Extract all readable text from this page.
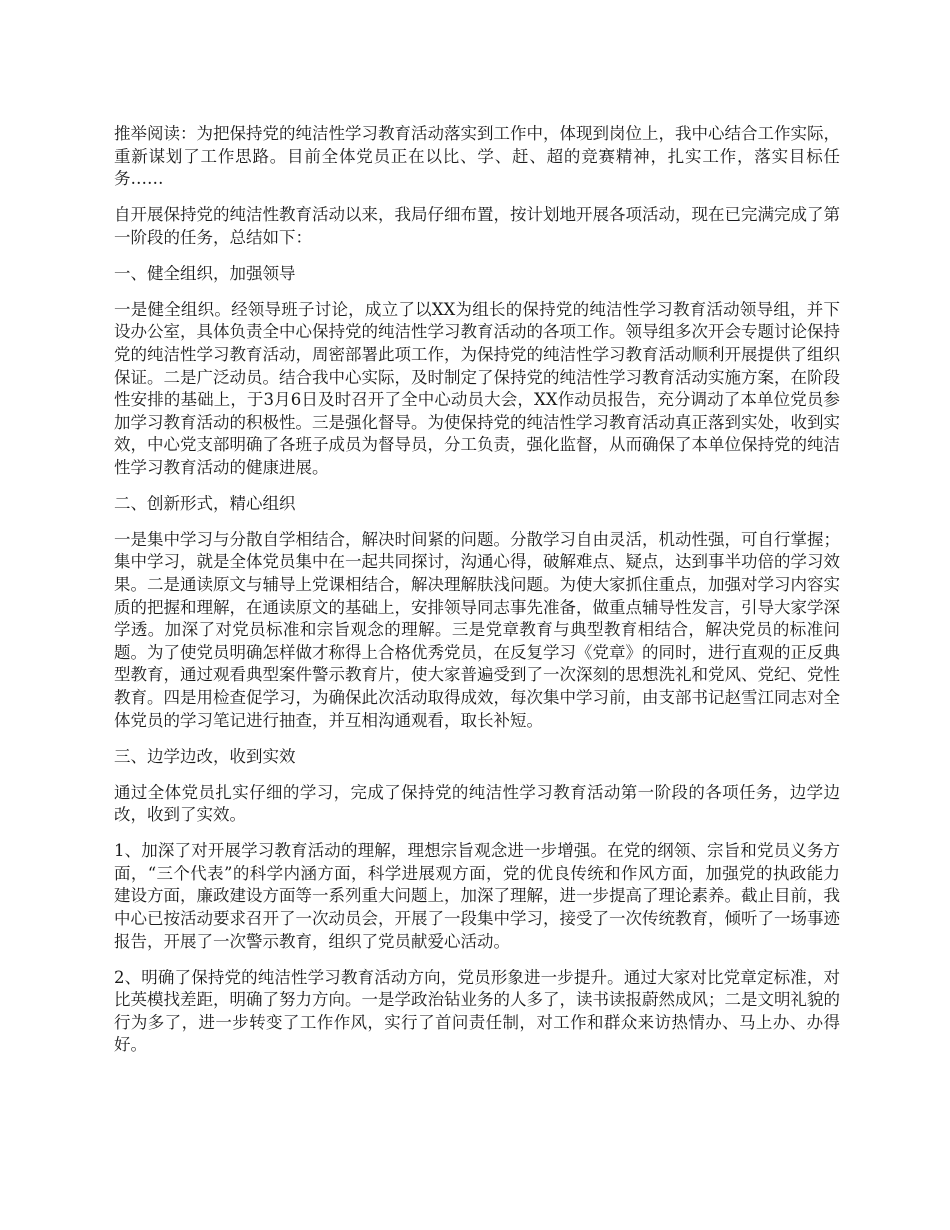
推举阅读：为把保持党的纯洁性学习教育活动落实到工作中，体现到岗位上，我中心结合工作实际，重新谋划了工作思路。目前全体党员正在以比、学、赶、超的竞赛精神，扎实工作，落实目标任务……

自开展保持党的纯洁性教育活动以来，我局仔细布置，按计划地开展各项活动，现在已完满完成了第一阶段的任务，总结如下：

一、健全组织，加强领导

一是健全组织。经领导班子讨论，成立了以XX为组长的保持党的纯洁性学习教育活动领导组，并下设办公室，具体负责全中心保持党的纯洁性学习教育活动的各项工作。领导组多次开会专题讨论保持党的纯洁性学习教育活动，周密部署此项工作，为保持党的纯洁性学习教育活动顺利开展提供了组织保证。二是广泛动员。结合我中心实际，及时制定了保持党的纯洁性学习教育活动实施方案，在阶段性安排的基础上，于3月6日及时召开了全中心动员大会，XX作动员报告，充分调动了本单位党员参加学习教育活动的积极性。三是强化督导。为使保持党的纯洁性学习教育活动真正落到实处，收到实效，中心党支部明确了各班子成员为督导员，分工负责，强化监督，从而确保了本单位保持党的纯洁性学习教育活动的健康进展。

二、创新形式，精心组织

一是集中学习与分散自学相结合，解决时间紧的问题。分散学习自由灵活，机动性强，可自行掌握；集中学习，就是全体党员集中在一起共同探讨，沟通心得，破解难点、疑点，达到事半功倍的学习效果。二是通读原文与辅导上党课相结合，解决理解肤浅问题。为使大家抓住重点，加强对学习内容实质的把握和理解，在通读原文的基础上，安排领导同志事先准备，做重点辅导性发言，引导大家学深学透。加深了对党员标准和宗旨观念的理解。三是党章教育与典型教育相结合，解决党员的标准问题。为了使党员明确怎样做才称得上合格优秀党员，在反复学习《党章》的同时，进行直观的正反典型教育，通过观看典型案件警示教育片，使大家普遍受到了一次深刻的思想洗礼和党风、党纪、党性教育。四是用检查促学习，为确保此次活动取得成效，每次集中学习前，由支部书记赵雪江同志对全体党员的学习笔记进行抽查，并互相沟通观看，取长补短。

三、边学边改，收到实效

通过全体党员扎实仔细的学习，完成了保持党的纯洁性学习教育活动第一阶段的各项任务，边学边改，收到了实效。

1、加深了对开展学习教育活动的理解，理想宗旨观念进一步增强。在党的纲领、宗旨和党员义务方面，“三个代表”的科学内涵方面，科学进展观方面，党的优良传统和作风方面，加强党的执政能力建设方面，廉政建设方面等一系列重大问题上，加深了理解，进一步提高了理论素养。截止目前，我中心已按活动要求召开了一次动员会，开展了一段集中学习，接受了一次传统教育，倾听了一场事迹报告，开展了一次警示教育，组织了党员献爱心活动。

2、明确了保持党的纯洁性学习教育活动方向，党员形象进一步提升。通过大家对比党章定标准，对比英模找差距，明确了努力方向。一是学政治钻业务的人多了，读书读报蔚然成风；二是文明礼貌的行为多了，进一步转变了工作作风，实行了首问责任制，对工作和群众来访热情办、马上办、办得好。
